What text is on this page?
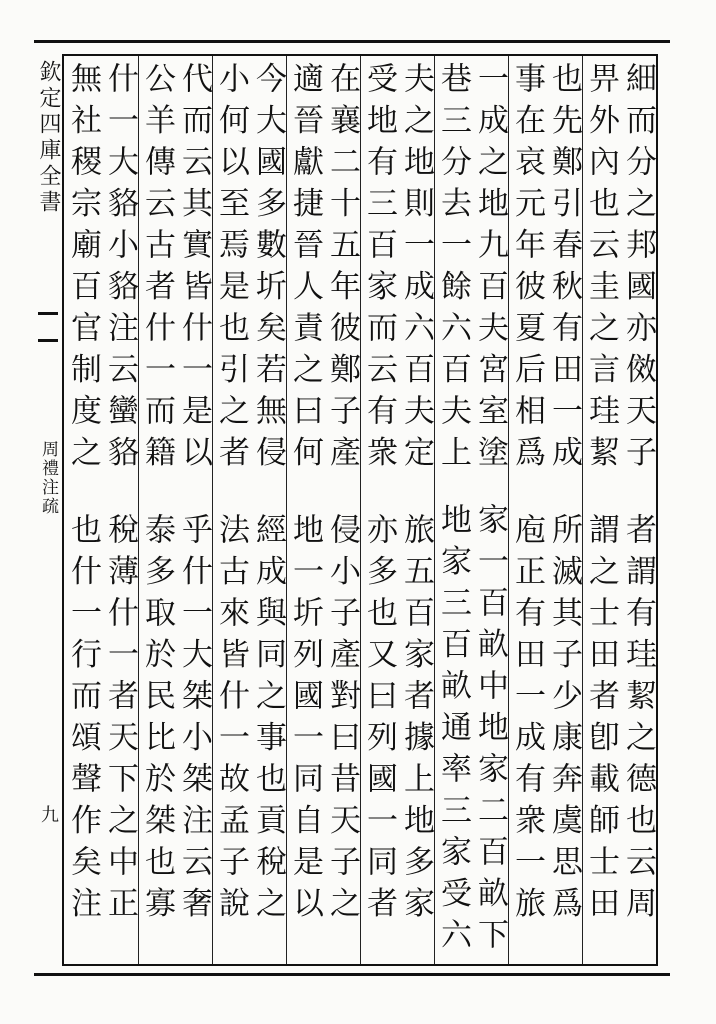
欽定四庫全書
周禮注疏
九
細而分之邦國亦傚天子畀外內也云圭之言珪絜
者謂有珪絜之德也云周謂之士田者卽載師士田
也先鄭引春秋有田一成事在哀元年彼夏后相爲
所滅其子少康奔虞思爲庖正有田一成有衆一旅
一成之地九百夫宮室塗巷三分去一餘六百夫上
家一百畝中地家二百畝下地家三百畝通率三家受六
夫之地則一成六百夫定受地有三百家而云有衆
旅五百家者據上地多家亦多也又曰列國一同者
在襄二十五年彼鄭子產適晉獻捷晉人責之曰何
侵小子產對曰昔天子之地一圻列國一同自是以
今大國多數圻矣若無侵小何以至焉是也引之者
經成與同之事也貢稅之法古來皆什一故孟子說
代而云其實皆什一是以公羊傳云古者什一而籍
乎什一大桀小桀注云奢泰多取於民比於桀也寡
什一大貉小貉注云蠻貉無社稷宗廟百官制度之
稅薄什一者天下之中正也什一行而頌聲作矣注
